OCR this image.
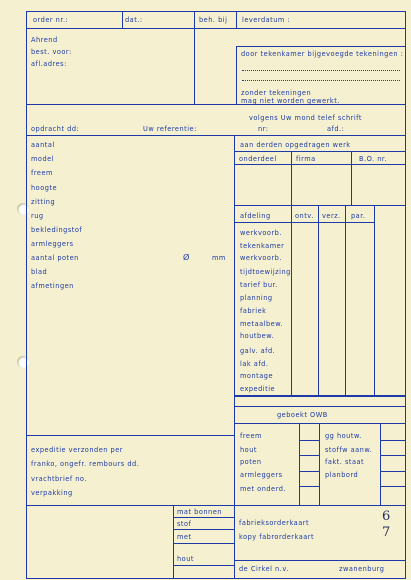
order nr.:	dat.:	beh. bij leverdatum :
Ahrend
best. voor:
afl.adres:
door tekenkamer bijgevoegde tekeningen :
zonder tekeningen
mag niet worden gewerkt.
volgens Uw mond telef schrift
opdracht dd:	Uw referentie:	nr:	afd.:
aantal
model
freem
hoogte
zitting
rug
bekledingstof
armleggers
aantal poten	Ø	mm
blad
afmetingen
aan derden opgedragen werk
onderdeel	firma	B.O. nr.
afdeling	ontv. verz. par.
werkvoorb.
tekenkamer
werkvoorb.
tijdtoewijzing
tarief bur.
planning
fabriek
metaalbew.
houtbew.
galv. afd.
lak afd.
montage
expeditie
expeditie verzonden per
franko, ongefr. rembours dd.
vrachtbrief no.
verpakking
geboekt OWB
freem
hout
poten
armleggers
met onderd.
gg houtw.
stoffw aanw.
fakt. staat
planbord
mat bonnen
stof
met
hout
fabrieksorderkaart
kopy fabrorderkaart
6
7
de Cirkel n.v.	zwanenburg
